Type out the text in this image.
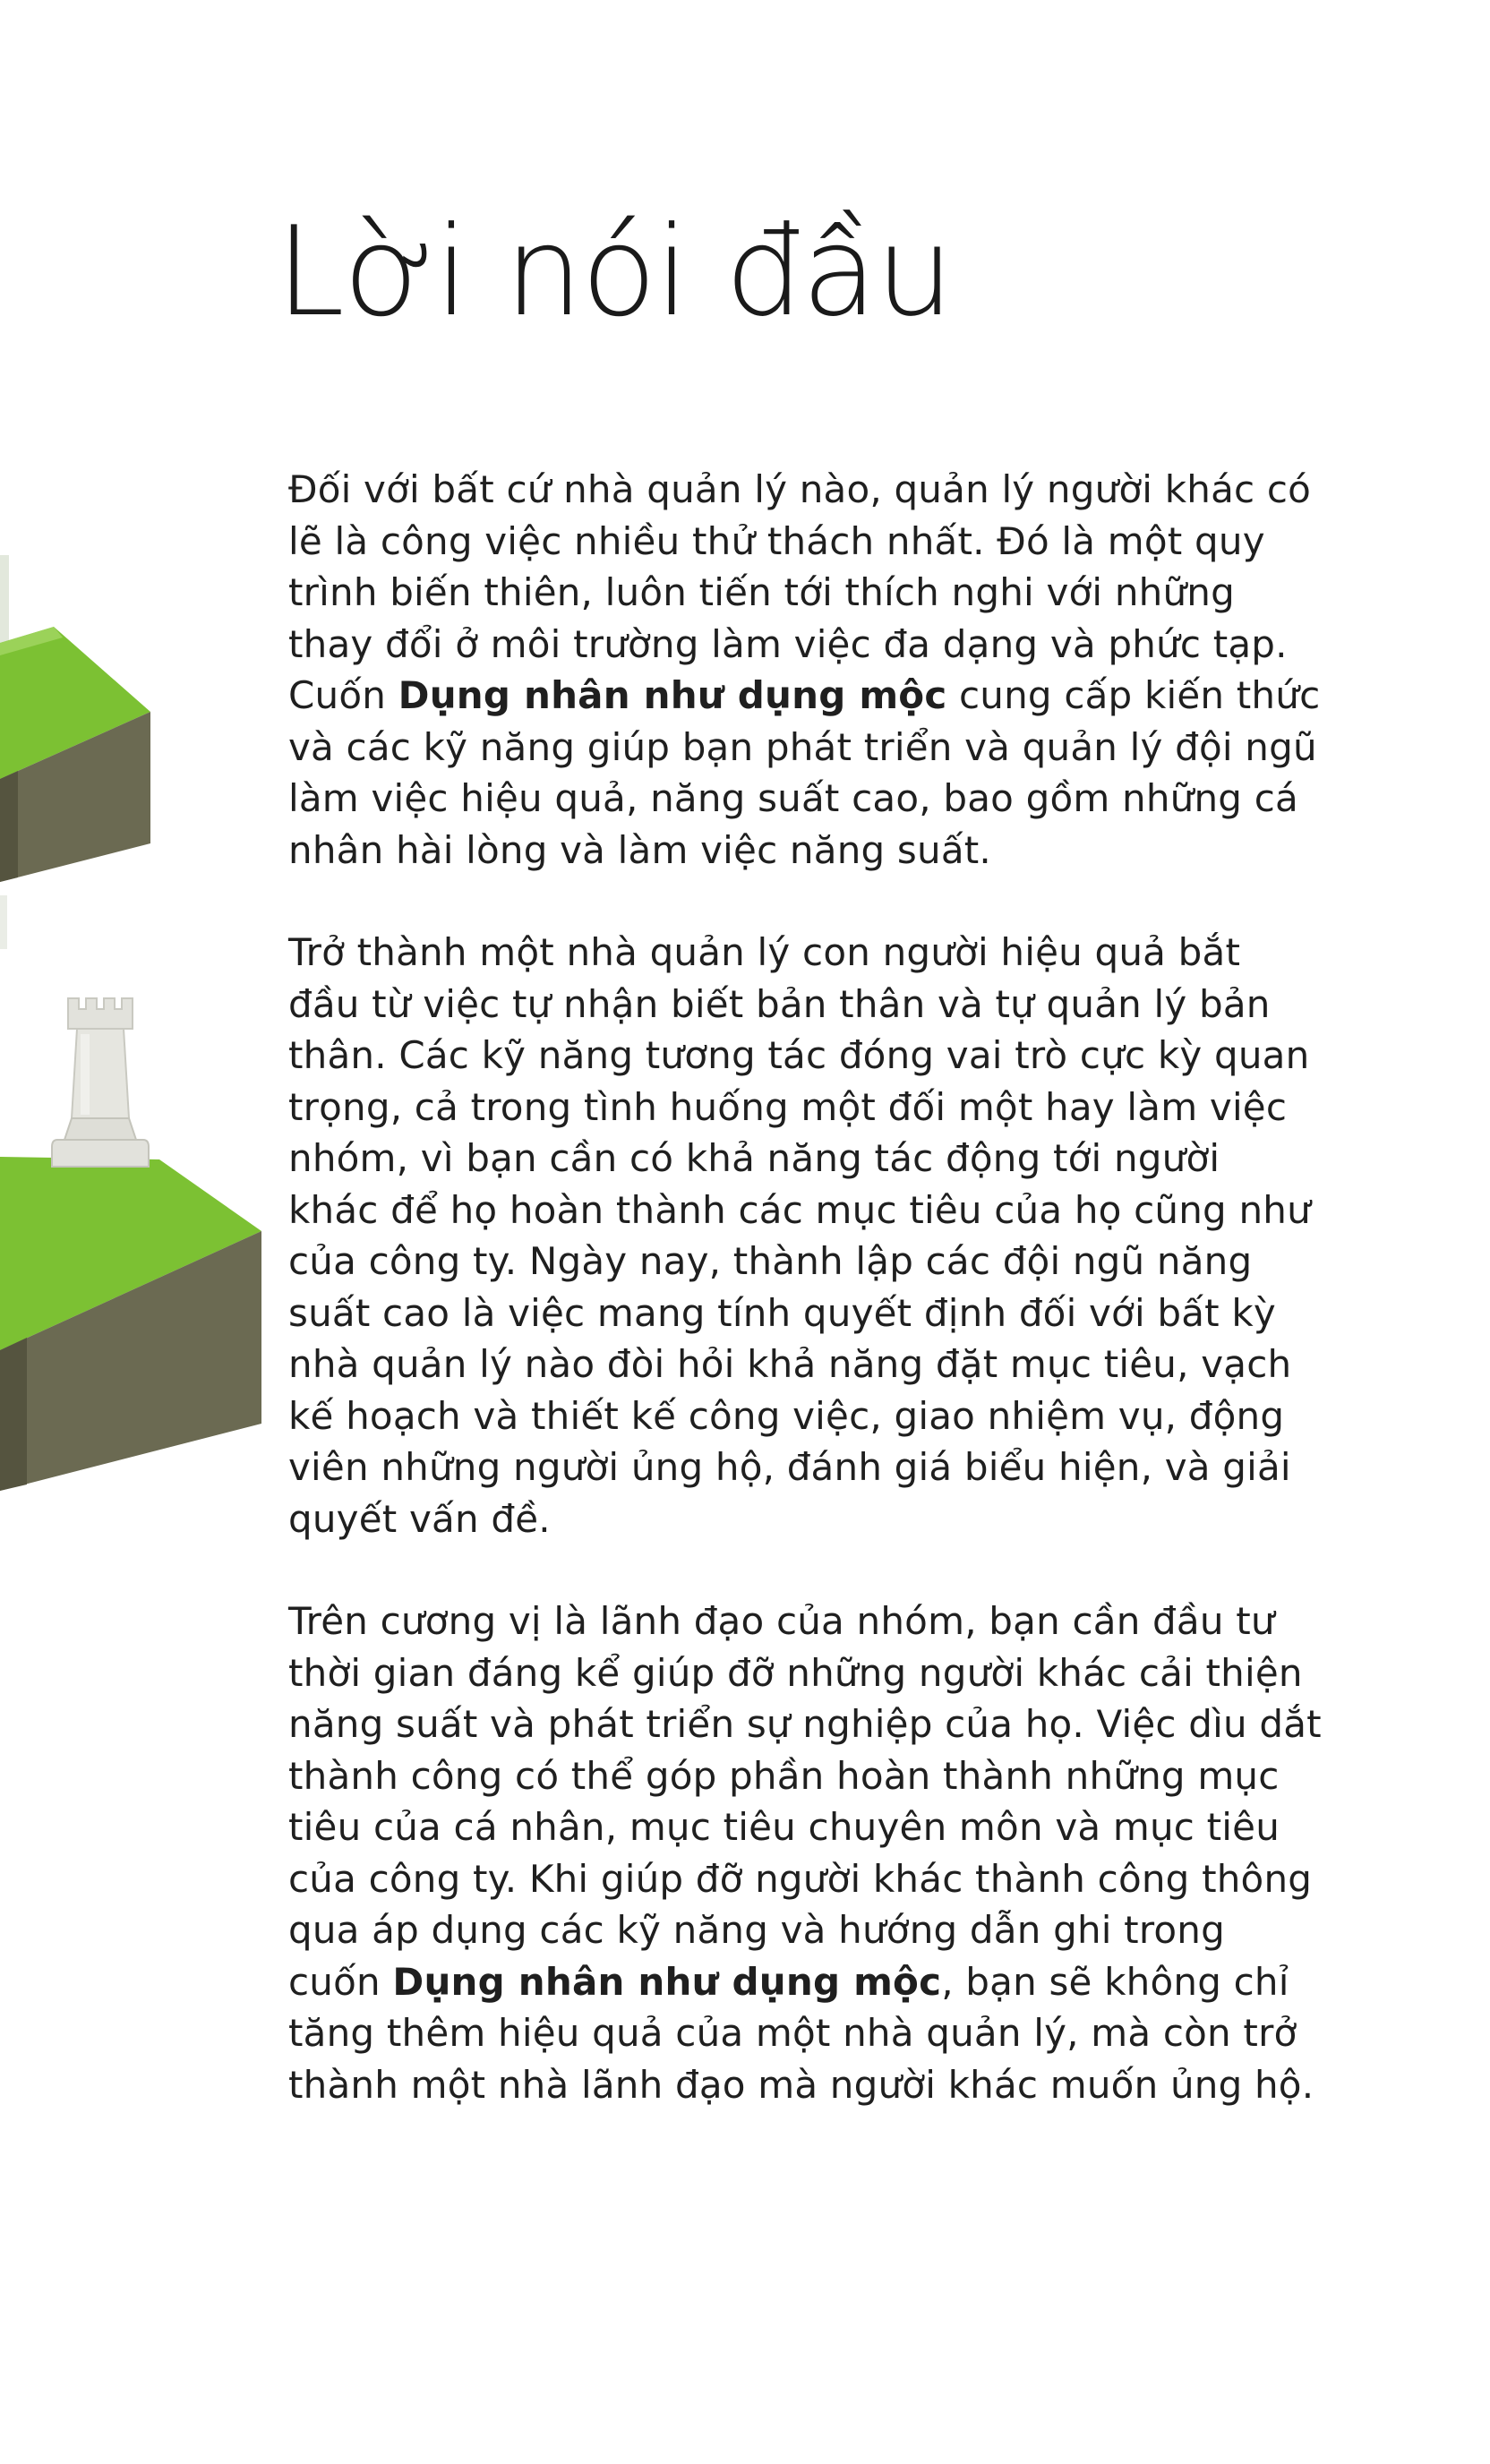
Lời nói đầu

Đối với bất cứ nhà quản lý nào, quản lý người khác có
lẽ là công việc nhiều thử thách nhất. Đó là một quy
trình biến thiên, luôn tiến tới thích nghi với những
thay đổi ở môi trường làm việc đa dạng và phức tạp.
Cuốn Dụng nhân như dụng mộc cung cấp kiến thức
và các kỹ năng giúp bạn phát triển và quản lý đội ngũ
làm việc hiệu quả, năng suất cao, bao gồm những cá
nhân hài lòng và làm việc năng suất.

Trở thành một nhà quản lý con người hiệu quả bắt
đầu từ việc tự nhận biết bản thân và tự quản lý bản
thân. Các kỹ năng tương tác đóng vai trò cực kỳ quan
trọng, cả trong tình huống một đối một hay làm việc
nhóm, vì bạn cần có khả năng tác động tới người
khác để họ hoàn thành các mục tiêu của họ cũng như
của công ty. Ngày nay, thành lập các đội ngũ năng
suất cao là việc mang tính quyết định đối với bất kỳ
nhà quản lý nào đòi hỏi khả năng đặt mục tiêu, vạch
kế hoạch và thiết kế công việc, giao nhiệm vụ, động
viên những người ủng hộ, đánh giá biểu hiện, và giải
quyết vấn đề.

Trên cương vị là lãnh đạo của nhóm, bạn cần đầu tư
thời gian đáng kể giúp đỡ những người khác cải thiện
năng suất và phát triển sự nghiệp của họ. Việc dìu dắt
thành công có thể góp phần hoàn thành những mục
tiêu của cá nhân, mục tiêu chuyên môn và mục tiêu
của công ty. Khi giúp đỡ người khác thành công thông
qua áp dụng các kỹ năng và hướng dẫn ghi trong
cuốn Dụng nhân như dụng mộc, bạn sẽ không chỉ
tăng thêm hiệu quả của một nhà quản lý, mà còn trở
thành một nhà lãnh đạo mà người khác muốn ủng hộ.
